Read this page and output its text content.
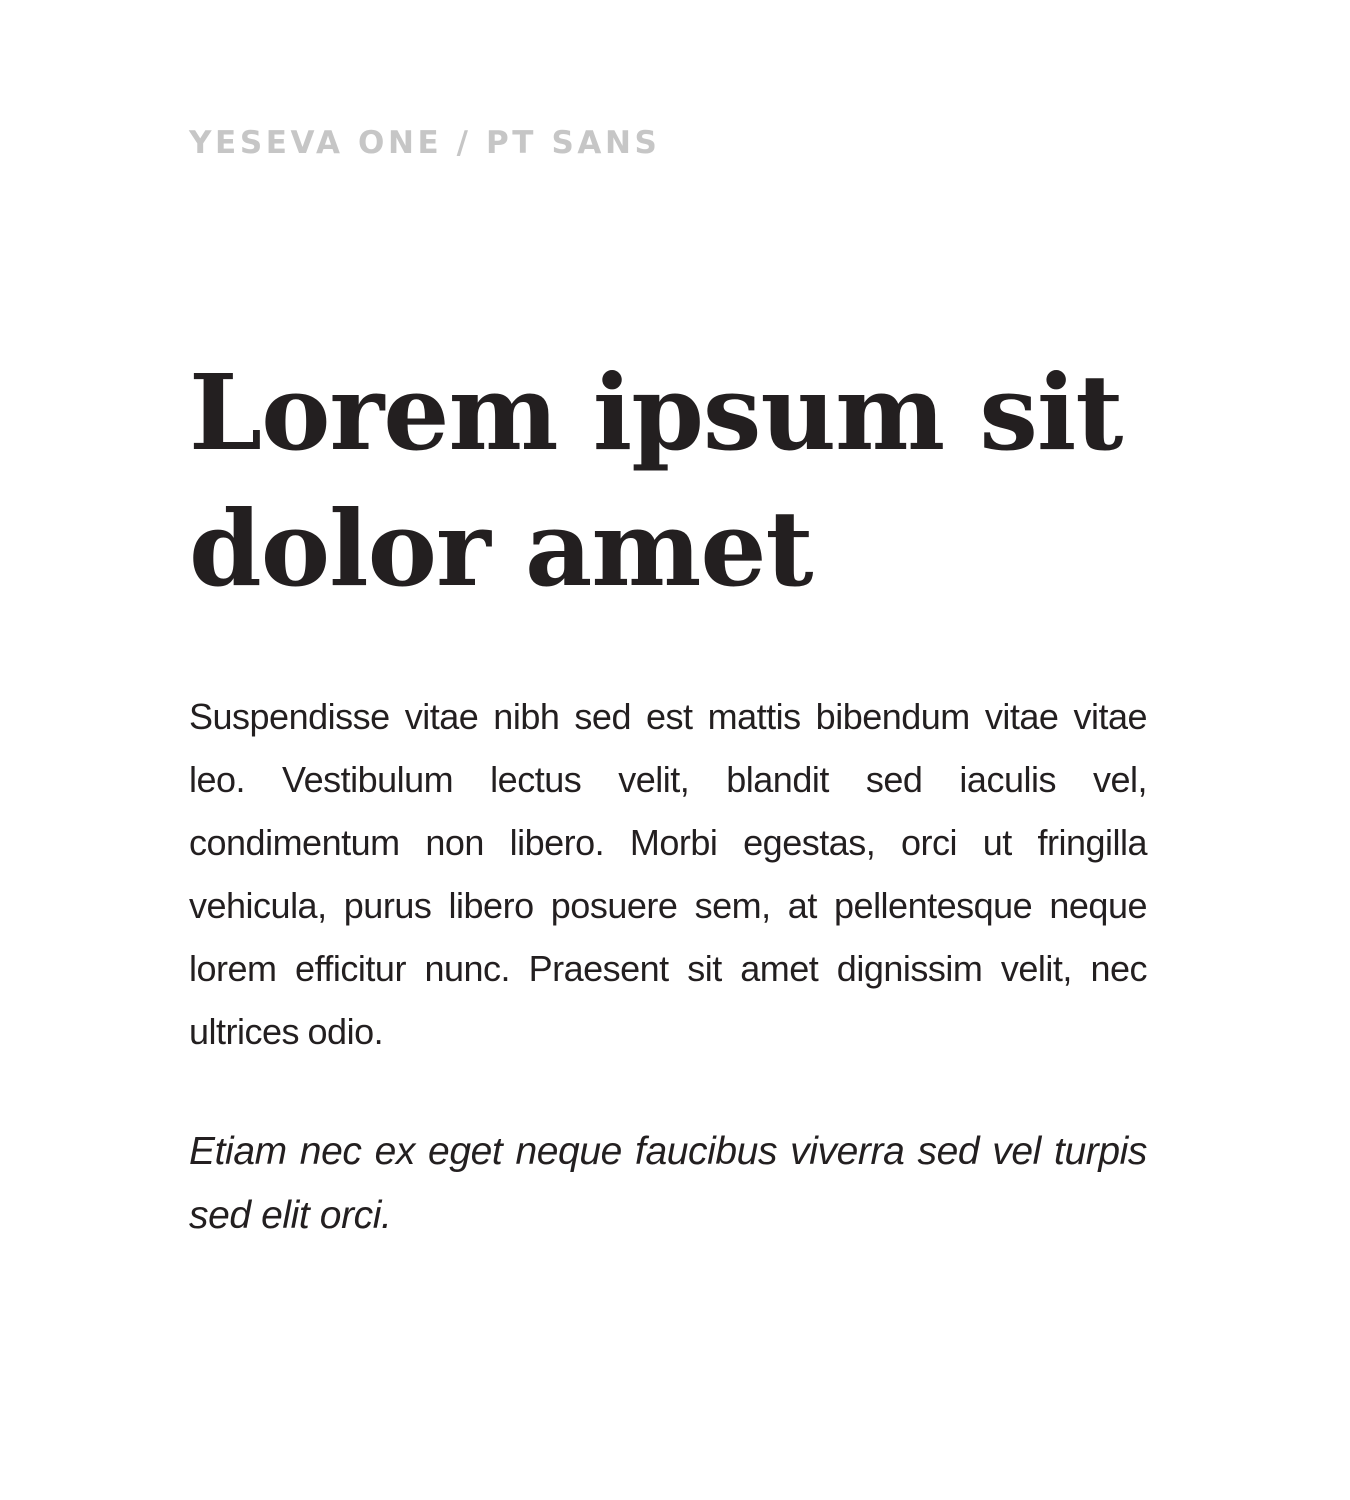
YESEVA ONE / PT SANS

Lorem ipsum sit dolor amet

Suspendisse vitae nibh sed est mattis bibendum vitae vitae leo. Vestibulum lectus velit, blandit sed iaculis vel, condimentum non libero. Morbi egestas, orci ut fringilla vehicula, purus libero posuere sem, at pellentesque neque lorem efficitur nunc. Praesent sit amet dignissim velit, nec ultrices odio.

Etiam nec ex eget neque faucibus viverra sed vel turpis sed elit orci.
